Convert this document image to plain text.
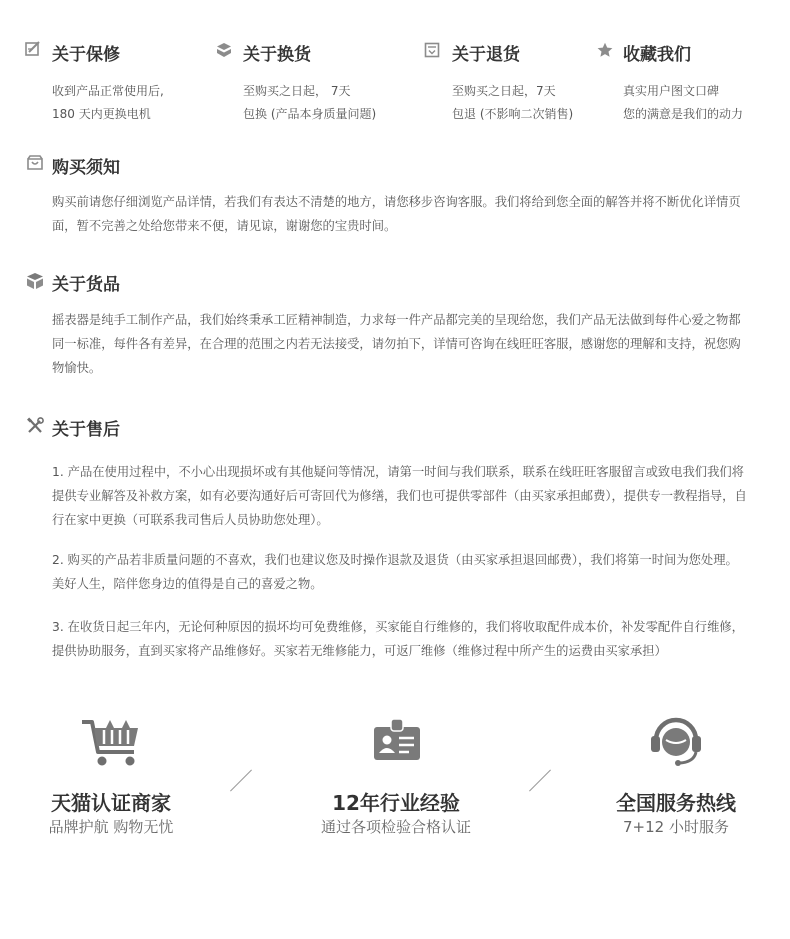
关于保修
收到产品正常使用后,
180 天内更换电机
关于换货
至购买之日起， 7天
包换 (产品本身质量问题)
关于退货
至购买之日起，7天
包退 (不影响二次销售)
收藏我们
真实用户图文口碑
您的满意是我们的动力
购买须知
购买前请您仔细浏览产品详情，若我们有表达不清楚的地方，请您移步咨询客服。我们将给到您全面的解答并将不断优化详情页面，暂不完善之处给您带来不便，请见谅，谢谢您的宝贵时间。
关于货品
摇表器是纯手工制作产品，我们始终秉承工匠精神制造，力求每一件产品都完美的呈现给您，我们产品无法做到每件心爱之物都同一标准，每件各有差异，在合理的范围之内若无法接受，请勿拍下，详情可咨询在线旺旺客服，感谢您的理解和支持，祝您购物愉快。
关于售后
1. 产品在使用过程中，不小心出现损坏或有其他疑问等情况，请第一时间与我们联系，联系在线旺旺客服留言或致电我们我们将提供专业解答及补救方案，如有必要沟通好后可寄回代为修缮，我们也可提供零部件（由买家承担邮费），提供专一教程指导，自行在家中更换（可联系我司售后人员协助您处理）。
2. 购买的产品若非质量问题的不喜欢，我们也建议您及时操作退款及退货（由买家承担退回邮费），我们将第一时间为您处理。美好人生，陪伴您身边的值得是自己的喜爱之物。
3. 在收货日起三年内，无论何种原因的损坏均可免费维修，买家能自行维修的，我们将收取配件成本价，补发零配件自行维修，提供协助服务，直到买家将产品维修好。买家若无维修能力，可返厂维修（维修过程中所产生的运费由买家承担）
天猫认证商家
品牌护航 购物无忧
12年行业经验
通过各项检验合格认证
全国服务热线
7+12 小时服务
